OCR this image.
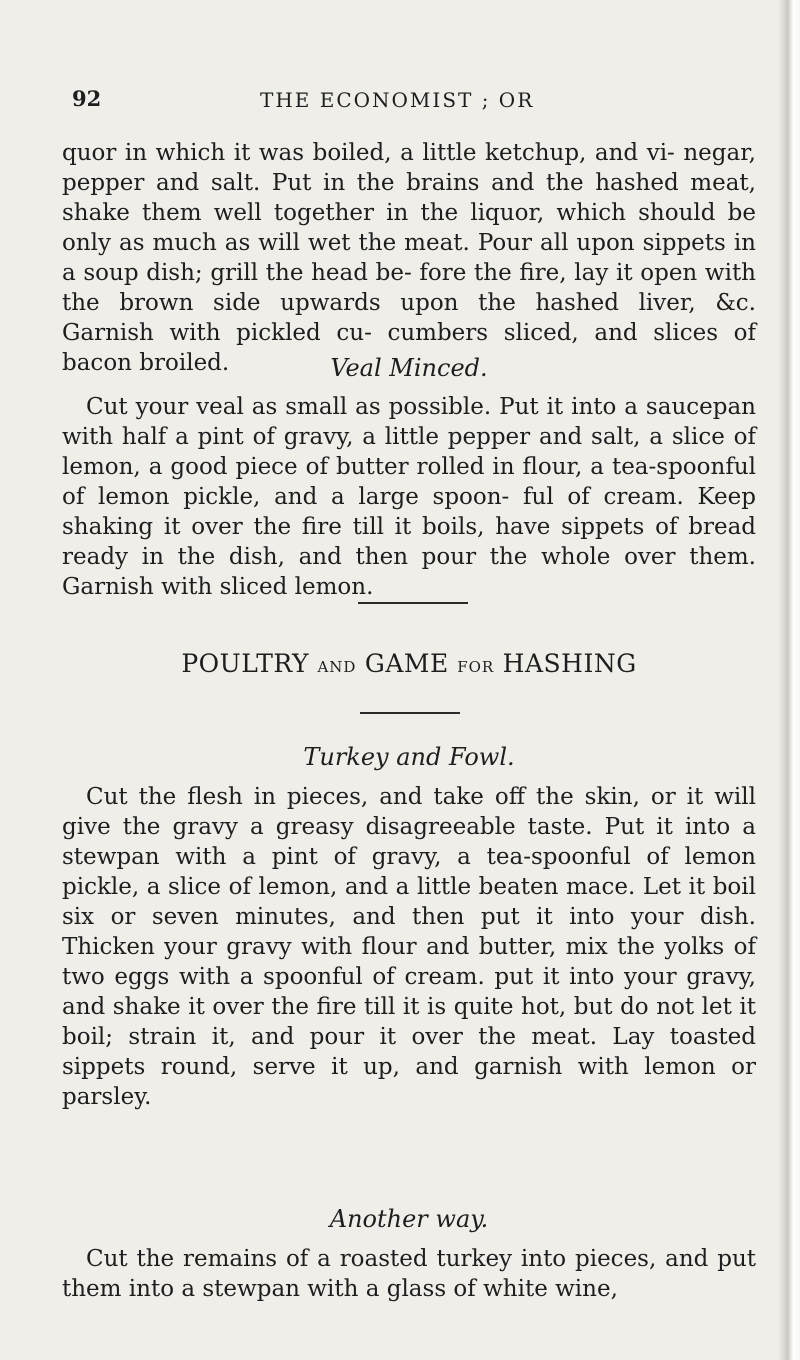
92	THE ECONOMIST ; OR
quor in which it was boiled, a little ketchup, and vi- negar, pepper and salt. Put in the brains and the hashed meat, shake them well together in the liquor, which should be only as much as will wet the meat. Pour all upon sippets in a soup dish; grill the head be- fore the fire, lay it open with the brown side upwards upon the hashed liver, &c. Garnish with pickled cu- cumbers sliced, and slices of bacon broiled.	Veal Minced.
Cut your veal as small as possible. Put it into a saucepan with half a pint of gravy, a little pepper and salt, a slice of lemon, a good piece of butter rolled in flour, a tea-spoonful of lemon pickle, and a large spoon- ful of cream. Keep shaking it over the fire till it boils, have sippets of bread ready in the dish, and then pour the whole over them. Garnish with sliced lemon.
POULTRY AND GAME FOR HASHING
Turkey and Fowl.
Cut the flesh in pieces, and take off the skin, or it will give the gravy a greasy disagreeable taste. Put it into a stewpan with a pint of gravy, a tea-spoonful of lemon pickle, a slice of lemon, and a little beaten mace. Let it boil six or seven minutes, and then put it into your dish. Thicken your gravy with flour and butter, mix the yolks of two eggs with a spoonful of cream. put it into your gravy, and shake it over the fire till it is quite hot, but do not let it boil; strain it, and pour it over the meat. Lay toasted sippets round, serve it up, and garnish with lemon or parsley.
Another way.
Cut the remains of a roasted turkey into pieces, and put them into a stewpan with a glass of white wine,
